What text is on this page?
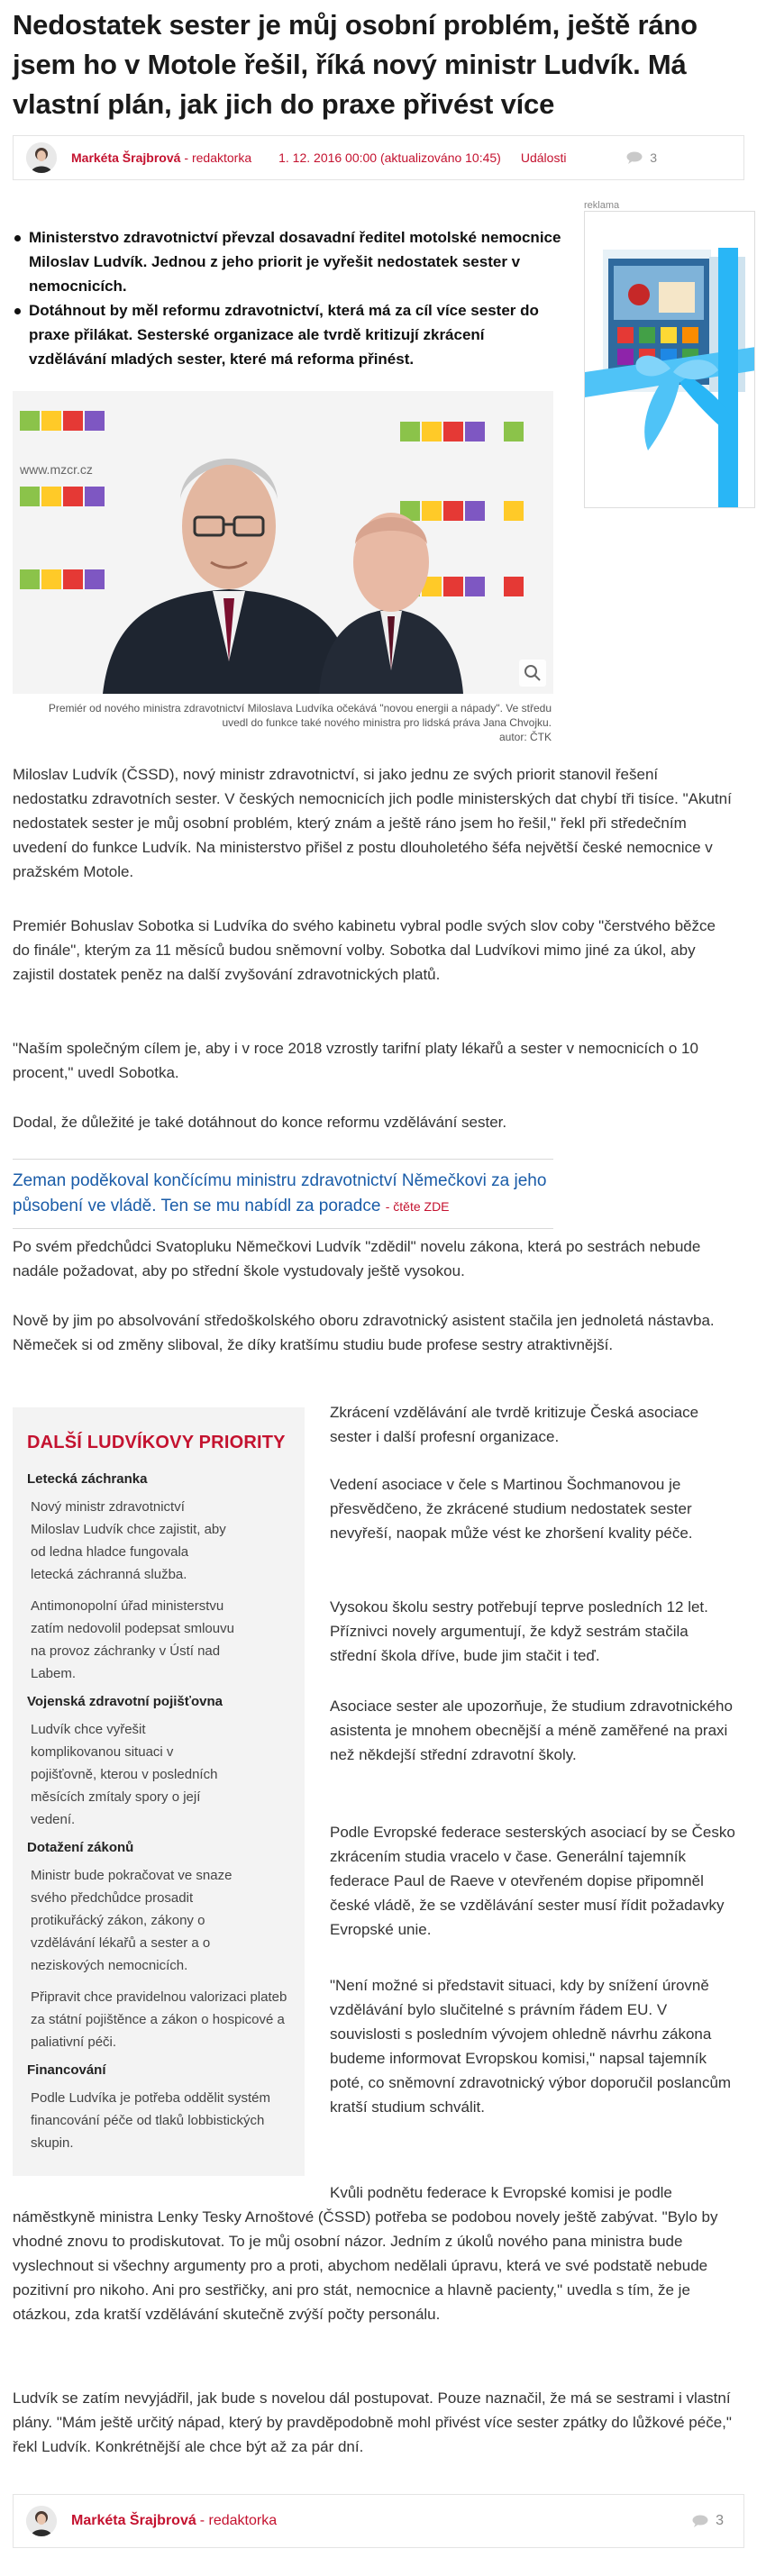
Nedostatek sester je můj osobní problém, ještě ráno jsem ho v Motole řešil, říká nový ministr Ludvík. Má vlastní plán, jak jich do praxe přivést více
Markéta Šrajbrová - redaktorka 1. 12. 2016 00:00 (aktualizováno 10:45) Události	3
Ministerstvo zdravotnictví převzal dosavadní ředitel motolské nemocnice Miloslav Ludvík. Jednou z jeho priorit je vyřešit nedostatek sester v nemocnicích.
Dotáhnout by měl reformu zdravotnictví, která má za cíl více sester do praxe přilákat. Sesterské organizace ale tvrdě kritizují zkrácení vzdělávání mladých sester, které má reforma přinést.
reklama
www.mzcr.cz
Premiér od nového ministra zdravotnictví Miloslava Ludvíka očekává "novou energii a nápady". Ve středu uvedl do funkce také nového ministra pro lidská práva Jana Chvojku.
autor: ČTK

Miloslav Ludvík (ČSSD), nový ministr zdravotnictví, si jako jednu ze svých priorit stanovil řešení nedostatku zdravotních sester. V českých nemocnicích jich podle ministerských dat chybí tři tisíce. "Akutní nedostatek sester je můj osobní problém, který znám a ještě ráno jsem ho řešil," řekl při středečním uvedení do funkce Ludvík. Na ministerstvo přišel z postu dlouholetého šéfa největší české nemocnice v pražském Motole.

Premiér Bohuslav Sobotka si Ludvíka do svého kabinetu vybral podle svých slov coby "čerstvého běžce do finále", kterým za 11 měsíců budou sněmovní volby. Sobotka dal Ludvíkovi mimo jiné za úkol, aby zajistil dostatek peněz na další zvyšování zdravotnických platů.

"Naším společným cílem je, aby i v roce 2018 vzrostly tarifní platy lékařů a sester v nemocnicích o 10 procent," uvedl Sobotka.

Dodal, že důležité je také dotáhnout do konce reformu vzdělávání sester.

Zeman poděkoval končícímu ministru zdravotnictví Němečkovi za jeho působení ve vládě. Ten se mu nabídl za poradce - čtěte ZDE

Po svém předchůdci Svatopluku Němečkovi Ludvík "zdědil" novelu zákona, která po sestrách nebude nadále požadovat, aby po střední škole vystudovaly ještě vysokou.

Nově by jim po absolvování středoškolského oboru zdravotnický asistent stačila jen jednoletá nástavba. Němeček si od změny sliboval, že díky kratšímu studiu bude profese sestry atraktivnější.

DALŠÍ LUDVÍKOVY PRIORITY
Letecká záchranka

Nový ministr zdravotnictví Miloslav Ludvík chce zajistit, aby od ledna hladce fungovala letecká záchranná služba.

Antimonopolní úřad ministerstvu zatím nedovolil podepsat smlouvu na provoz záchranky v Ústí nad Labem.

Vojenská zdravotní pojišťovna

Ludvík chce vyřešit komplikovanou situaci v pojišťovně, kterou v posledních měsících zmítaly spory o její vedení.

Dotažení zákonů

Ministr bude pokračovat ve snaze svého předchůdce prosadit protikuřácký zákon, zákony o vzdělávání lékařů a sester a o neziskových nemocnicích.

Připravit chce pravidelnou valorizaci plateb za státní pojištěnce a zákon o hospicové a paliativní péči.

Financování

Podle Ludvíka je potřeba oddělit systém financování péče od tlaků lobbistických skupin.

Zkrácení vzdělávání ale tvrdě kritizuje Česká asociace sester i další profesní organizace.

Vedení asociace v čele s Martinou Šochmanovou je přesvědčeno, že zkrácené studium nedostatek sester nevyřeší, naopak může vést ke zhoršení kvality péče.

Vysokou školu sestry potřebují teprve posledních 12 let. Příznivci novely argumentují, že když sestrám stačila střední škola dříve, bude jim stačit i teď.

Asociace sester ale upozorňuje, že studium zdravotnického asistenta je mnohem obecnější a méně zaměřené na praxi než někdejší střední zdravotní školy.

Podle Evropské federace sesterských asociací by se Česko zkrácením studia vracelo v čase. Generální tajemník federace Paul de Raeve v otevřeném dopise připomněl české vládě, že se vzdělávání sester musí řídit požadavky Evropské unie.

"Není možné si představit situaci, kdy by snížení úrovně vzdělávání bylo slučitelné s právním řádem EU. V souvislosti s posledním vývojem ohledně návrhu zákona budeme informovat Evropskou komisi," napsal tajemník poté, co sněmovní zdravotnický výbor doporučil poslancům kratší studium schválit.

Kvůli podnětu federace k Evropské komisi je podle náměstkyně ministra Lenky Tesky Arnoštové (ČSSD) potřeba se podobou novely ještě zabývat. "Bylo by vhodné znovu to prodiskutovat. To je můj osobní názor. Jedním z úkolů nového pana ministra bude vyslechnout si všechny argumenty pro a proti, abychom nedělali úpravu, která ve své podstatě nebude pozitivní pro nikoho. Ani pro sestřičky, ani pro stát, nemocnice a hlavně pacienty," uvedla s tím, že je otázkou, zda kratší vzdělávání skutečně zvýší počty personálu.

Ludvík se zatím nevyjádřil, jak bude s novelou dál postupovat. Pouze naznačil, že má se sestrami i vlastní plány. "Mám ještě určitý nápad, který by pravděpodobně mohl přivést více sester zpátky do lůžkové péče," řekl Ludvík. Konkrétnější ale chce být až za pár dní.

Markéta Šrajbrová - redaktorka	3
